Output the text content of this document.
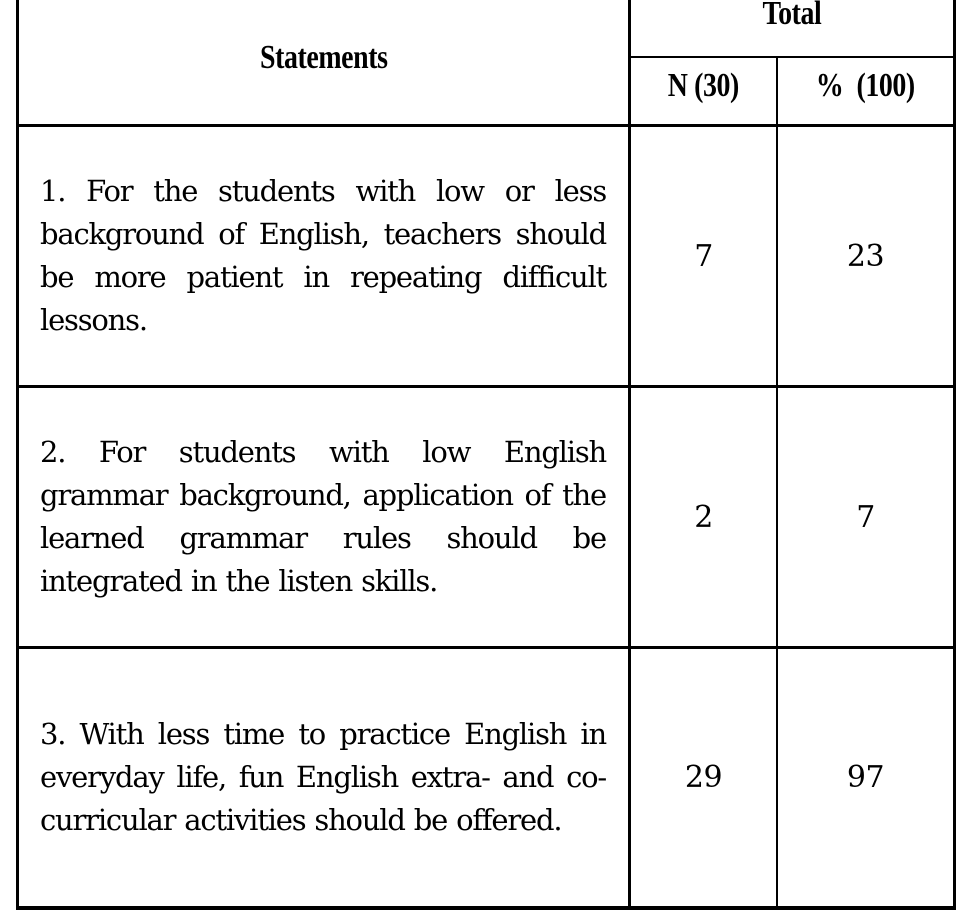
Statements
Total
N (30) %  (100)
1. For the students with low or less background of English, teachers should be more patient in repeating difficult lessons.
7	23
2. For students with low English grammar background, application of the learned grammar rules should be integrated in the listen skills.
2	7
3. With less time to practice English in everyday life, fun English extra- and co-curricular activities should be offered.
29	97
